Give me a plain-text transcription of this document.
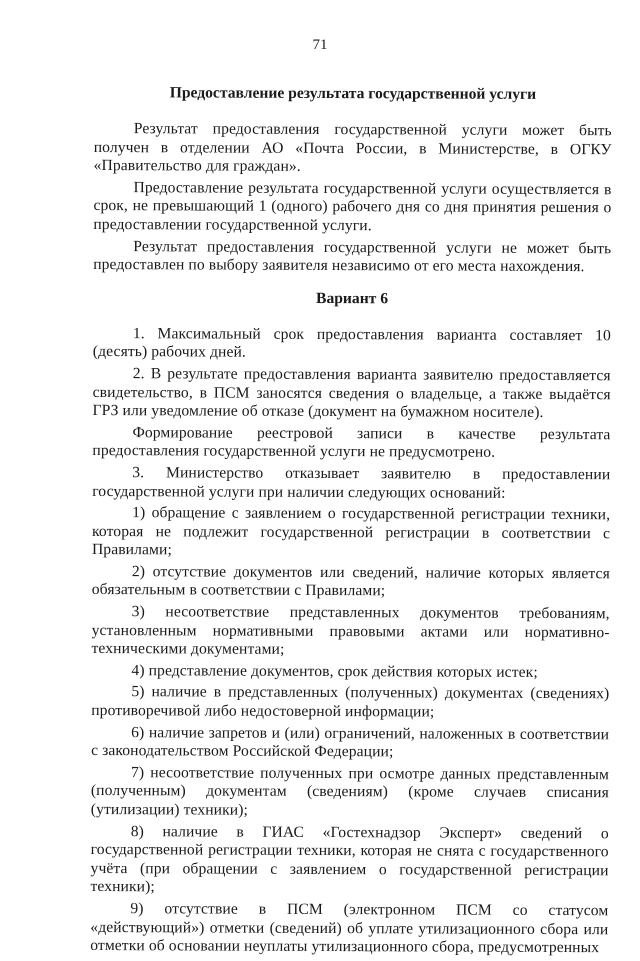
71
Предоставление результата государственной услуги

Результат предоставления государственной услуги может быть получен в отделении АО «Почта России, в Министерстве, в ОГКУ «Правительство для граждан».

Предоставление результата государственной услуги осуществляется в срок, не превышающий 1 (одного) рабочего дня со дня принятия решения о предоставлении государственной услуги.

Результат предоставления государственной услуги не может быть предоставлен по выбору заявителя независимо от его места нахождения.

Вариант 6

1. Максимальный срок предоставления варианта составляет 10 (десять) рабочих дней.

2. В результате предоставления варианта заявителю предоставляется свидетельство, в ПСМ заносятся сведения о владельце, а также выдаётся ГРЗ или уведомление об отказе (документ на бумажном носителе).

Формирование реестровой записи в качестве результата предоставления государственной услуги не предусмотрено.

3. Министерство отказывает заявителю в предоставлении государственной услуги при наличии следующих оснований:

1) обращение с заявлением о государственной регистрации техники, которая не подлежит государственной регистрации в соответствии с Правилами;

2) отсутствие документов или сведений, наличие которых является обязательным в соответствии с Правилами;

3) несоответствие представленных документов требованиям, установленным нормативными правовыми актами или нормативно-техническими документами;

4) представление документов, срок действия которых истек;

5) наличие в представленных (полученных) документах (сведениях) противоречивой либо недостоверной информации;

6) наличие запретов и (или) ограничений, наложенных в соответствии с законодательством Российской Федерации;

7) несоответствие полученных при осмотре данных представленным (полученным) документам (сведениям) (кроме случаев списания (утилизации) техники);

8) наличие в ГИАС «Гостехнадзор Эксперт» сведений о государственной регистрации техники, которая не снята с государственного учёта (при обращении с заявлением о государственной регистрации техники);

9) отсутствие в ПСМ (электронном ПСМ со статусом «действующий») отметки (сведений) об уплате утилизационного сбора или отметки об основании неуплаты утилизационного сбора, предусмотренных
